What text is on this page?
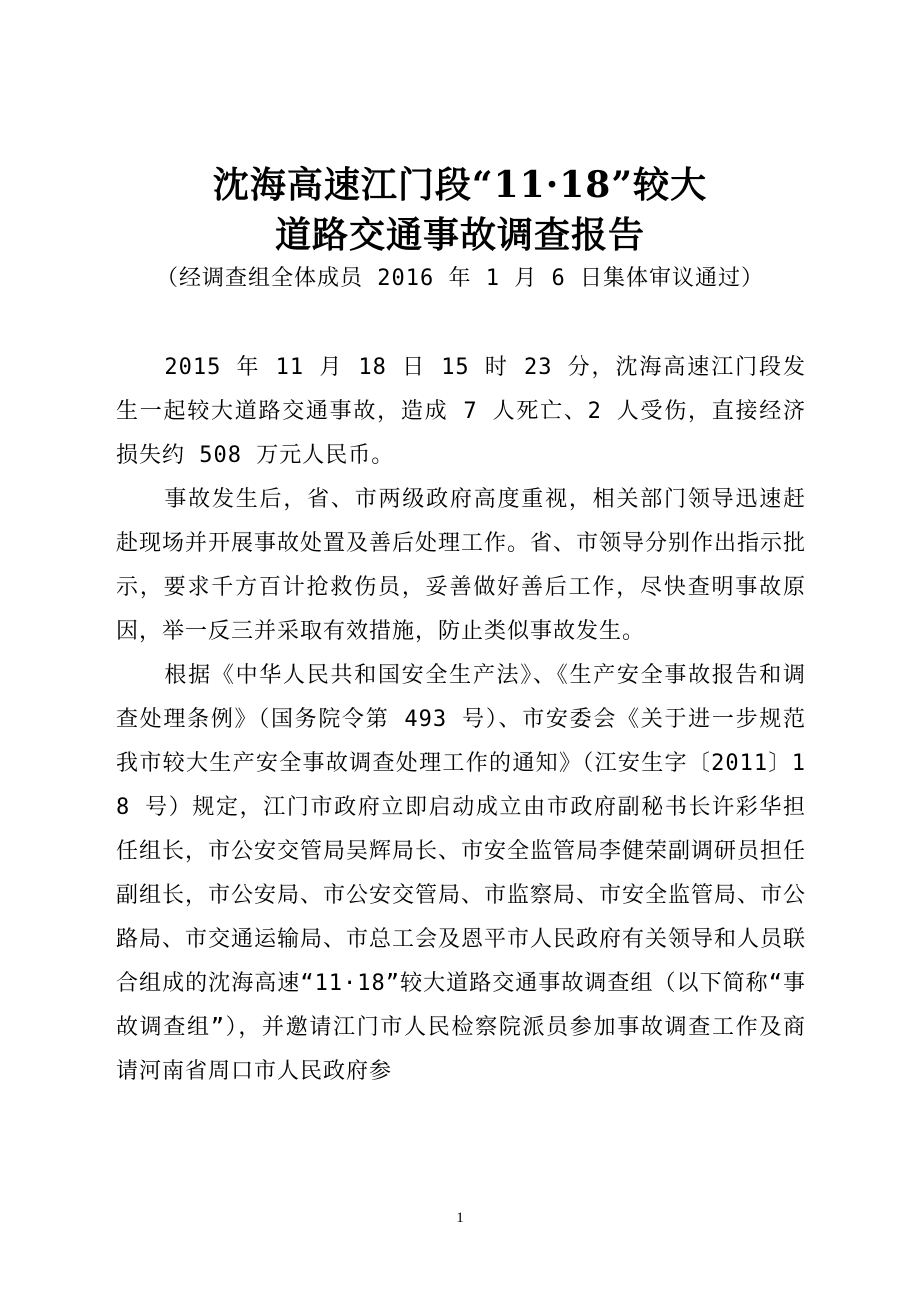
沈海高速江门段“11·18”较大
道路交通事故调查报告
（经调查组全体成员 2016 年 1 月 6 日集体审议通过）

2015 年 11 月 18 日 15 时 23 分，沈海高速江门段发生一起较大道路交通事故，造成 7 人死亡、2 人受伤，直接经济损失约 508 万元人民币。

事故发生后，省、市两级政府高度重视，相关部门领导迅速赶赴现场并开展事故处置及善后处理工作。省、市领导分别作出指示批示，要求千方百计抢救伤员，妥善做好善后工作，尽快查明事故原因，举一反三并采取有效措施，防止类似事故发生。

根据《中华人民共和国安全生产法》、《生产安全事故报告和调查处理条例》（国务院令第 493 号）、市安委会《关于进一步规范我市较大生产安全事故调查处理工作的通知》（江安生字〔2011〕18 号）规定，江门市政府立即启动成立由市政府副秘书长许彩华担任组长，市公安交管局吴辉局长、市安全监管局李健荣副调研员担任副组长，市公安局、市公安交管局、市监察局、市安全监管局、市公路局、市交通运输局、市总工会及恩平市人民政府有关领导和人员联合组成的沈海高速“11·18”较大道路交通事故调查组（以下简称“事故调查组”），并邀请江门市人民检察院派员参加事故调查工作及商请河南省周口市人民政府参

1
